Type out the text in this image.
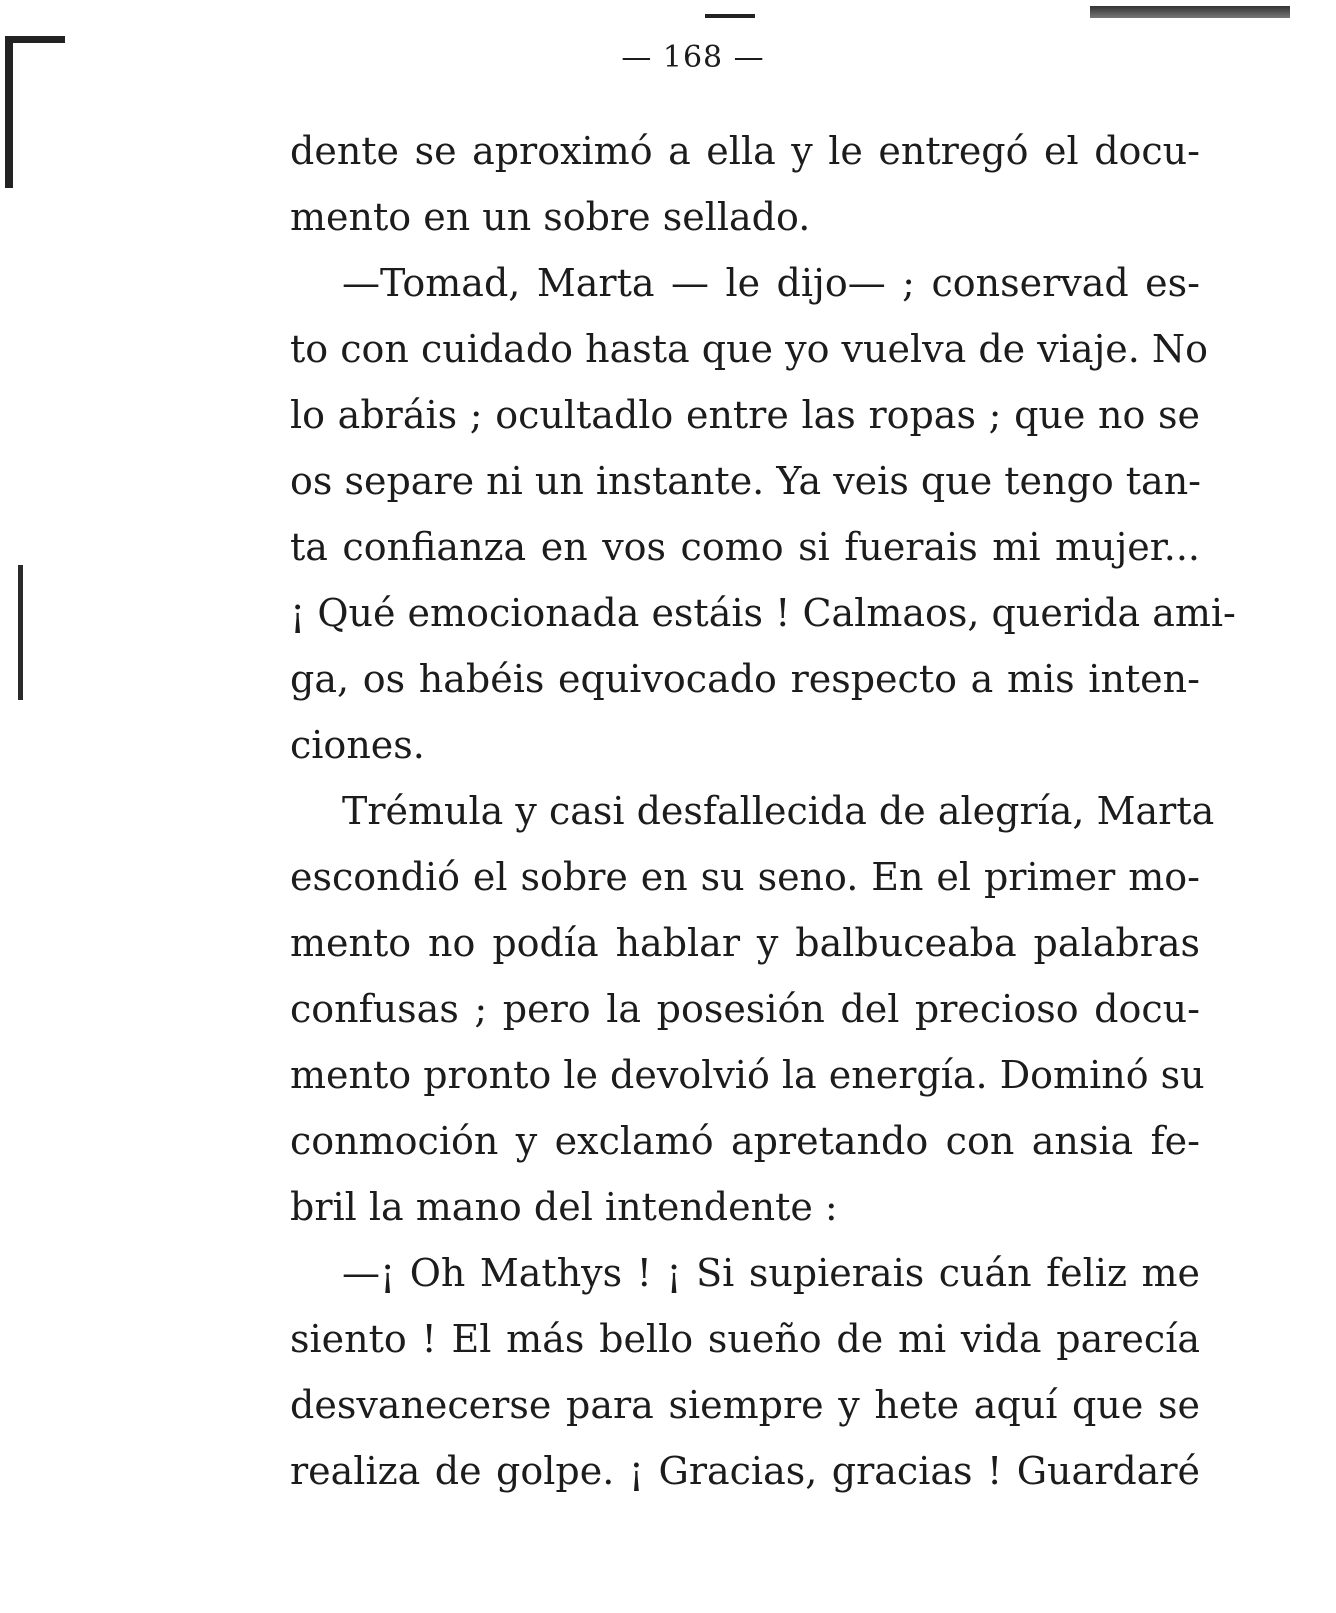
— 168 —
dente se aproximó a ella y le entregó el docu-
mento en un sobre sellado.
—Tomad, Marta — le dijo— ; conservad es-
to con cuidado hasta que yo vuelva de viaje. No
lo abráis ; ocultadlo entre las ropas ; que no se
os separe ni un instante. Ya veis que tengo tan-
ta confianza en vos como si fuerais mi mujer...
¡ Qué emocionada estáis ! Calmaos, querida ami-
ga, os habéis equivocado respecto a mis inten-
ciones.
Trémula y casi desfallecida de alegría, Marta
escondió el sobre en su seno. En el primer mo-
mento no podía hablar y balbuceaba palabras
confusas ; pero la posesión del precioso docu-
mento pronto le devolvió la energía. Dominó su
conmoción y exclamó apretando con ansia fe-
bril la mano del intendente :
—¡ Oh Mathys ! ¡ Si supierais cuán feliz me
siento ! El más bello sueño de mi vida parecía
desvanecerse para siempre y hete aquí que se
realiza de golpe. ¡ Gracias, gracias ! Guardaré
